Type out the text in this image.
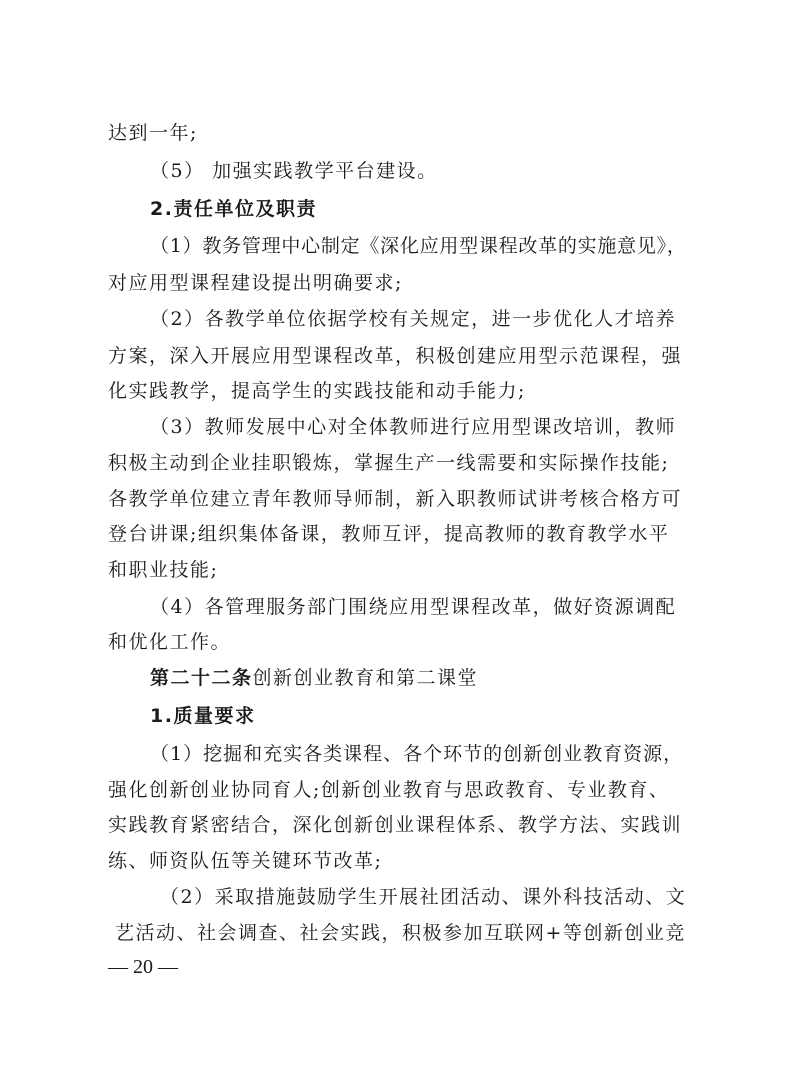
达到一年;
（5） 加强实践教学平台建设。
2.责任单位及职责
（1）教务管理中心制定《深化应用型课程改革的实施意见》，
对应用型课程建设提出明确要求;
（2）各教学单位依据学校有关规定，进一步优化人才培养
方案，深入开展应用型课程改革，积极创建应用型示范课程，强
化实践教学，提高学生的实践技能和动手能力;
（3）教师发展中心对全体教师进行应用型课改培训，教师
积极主动到企业挂职锻炼，掌握生产一线需要和实际操作技能;
各教学单位建立青年教师导师制，新入职教师试讲考核合格方可
登台讲课;组织集体备课，教师互评，提高教师的教育教学水平
和职业技能;
（4）各管理服务部门围绕应用型课程改革，做好资源调配
和优化工作。
第二十二条创新创业教育和第二课堂
1.质量要求
（1）挖掘和充实各类课程、各个环节的创新创业教育资源，
强化创新创业协同育人;创新创业教育与思政教育、专业教育、
实践教育紧密结合，深化创新创业课程体系、教学方法、实践训
练、师资队伍等关键环节改革;
（2）采取措施鼓励学生开展社团活动、课外科技活动、文
艺活动、社会调查、社会实践，积极参加互联网+等创新创业竞
— 20 —
